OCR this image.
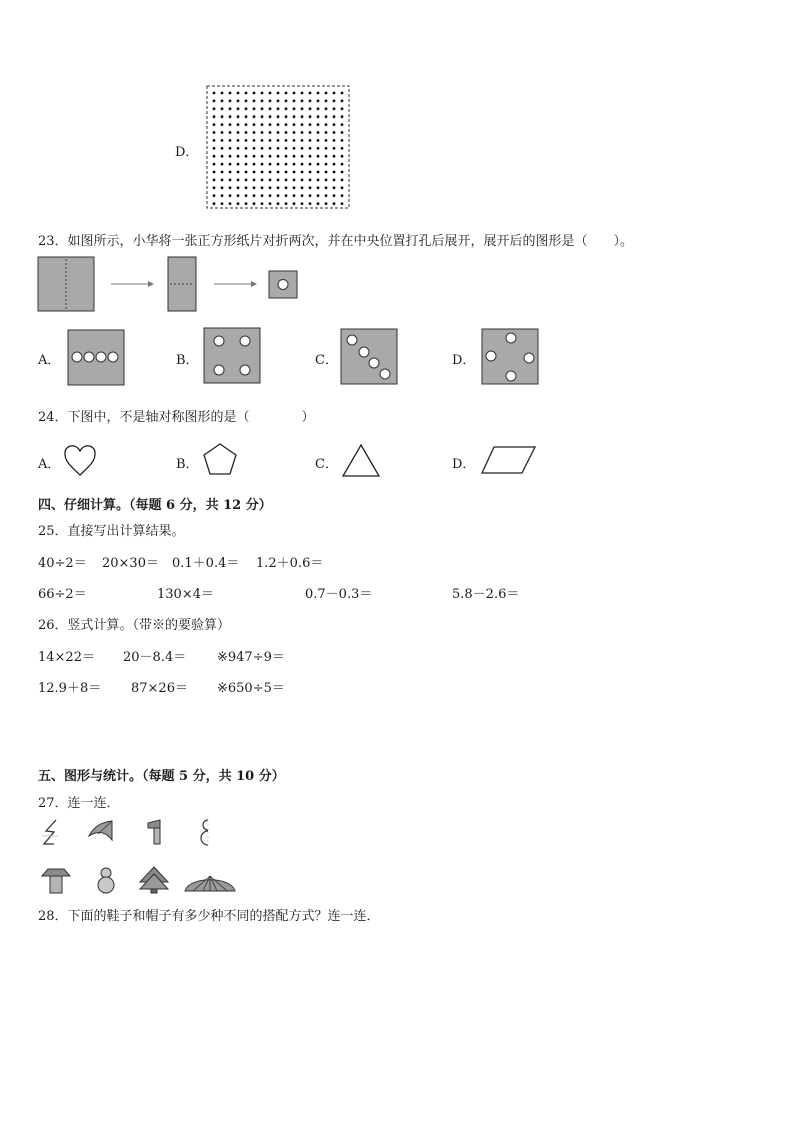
D．
23．如图所示，小华将一张正方形纸片对折两次，并在中央位置打孔后展开，展开后的图形是（　　）。
A．	B．	C．	D．
24．下图中，不是轴对称图形的是（　　　　）
A．	B．	C．	D．
四、仔细计算。（每题 6 分，共 12 分）
25．直接写出计算结果。
40÷2＝ 20×30＝ 0.1＋0.4＝ 1.2＋0.6＝
66÷2＝	130×4＝	0.7－0.3＝	5.8－2.6＝
26．竖式计算。（带※的要验算）
14×22＝ 20－8.4＝ ※947÷9＝
12.9＋8＝ 87×26＝ ※650÷5＝
五、图形与统计。（每题 5 分，共 10 分）
27．连一连．
28．下面的鞋子和帽子有多少种不同的搭配方式？连一连．
